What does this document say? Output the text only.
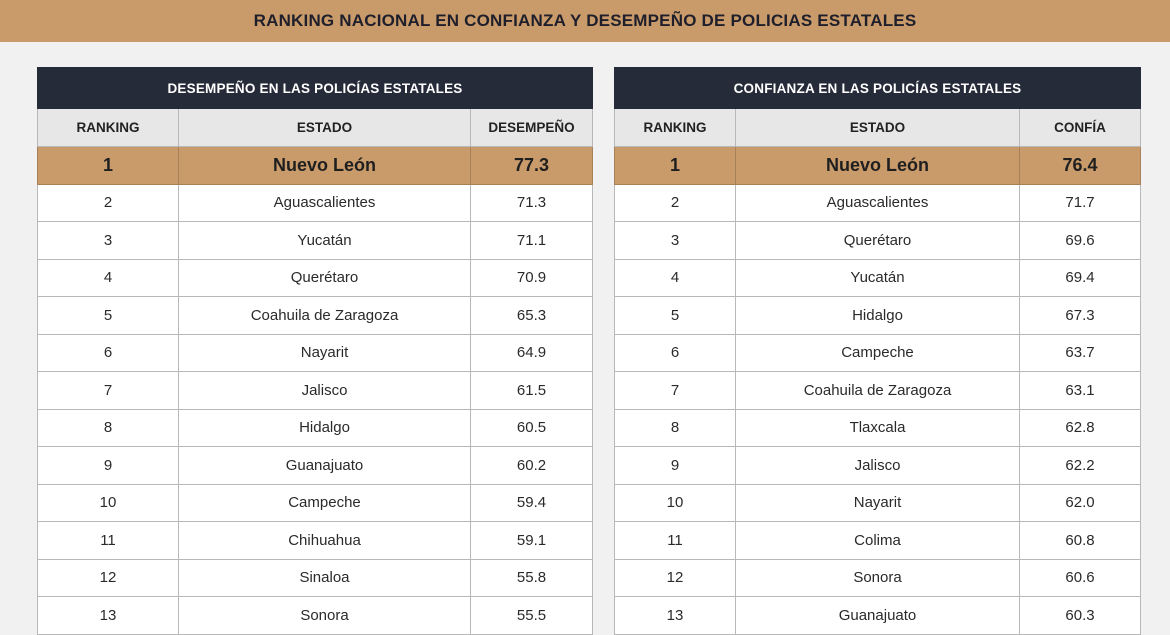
RANKING NACIONAL EN CONFIANZA Y DESEMPEÑO DE POLICIAS ESTATALES
DESEMPEÑO EN LAS POLICÍAS ESTATALES		
RANKING	ESTADO	DESEMPEÑO
1	Nuevo León	77.3
2	Aguascalientes	71.3
3	Yucatán	71.1
4	Querétaro	70.9
5	Coahuila de Zaragoza	65.3
6	Nayarit	64.9
7	Jalisco	61.5
8	Hidalgo	60.5
9	Guanajuato	60.2
10	Campeche	59.4
11	Chihuahua	59.1
12	Sinaloa	55.8
13	Sonora	55.5
CONFIANZA EN LAS POLICÍAS ESTATALES		
RANKING	ESTADO	CONFÍA
1	Nuevo León	76.4
2	Aguascalientes	71.7
3	Querétaro	69.6
4	Yucatán	69.4
5	Hidalgo	67.3
6	Campeche	63.7
7	Coahuila de Zaragoza	63.1
8	Tlaxcala	62.8
9	Jalisco	62.2
10	Nayarit	62.0
11	Colima	60.8
12	Sonora	60.6
13	Guanajuato	60.3
